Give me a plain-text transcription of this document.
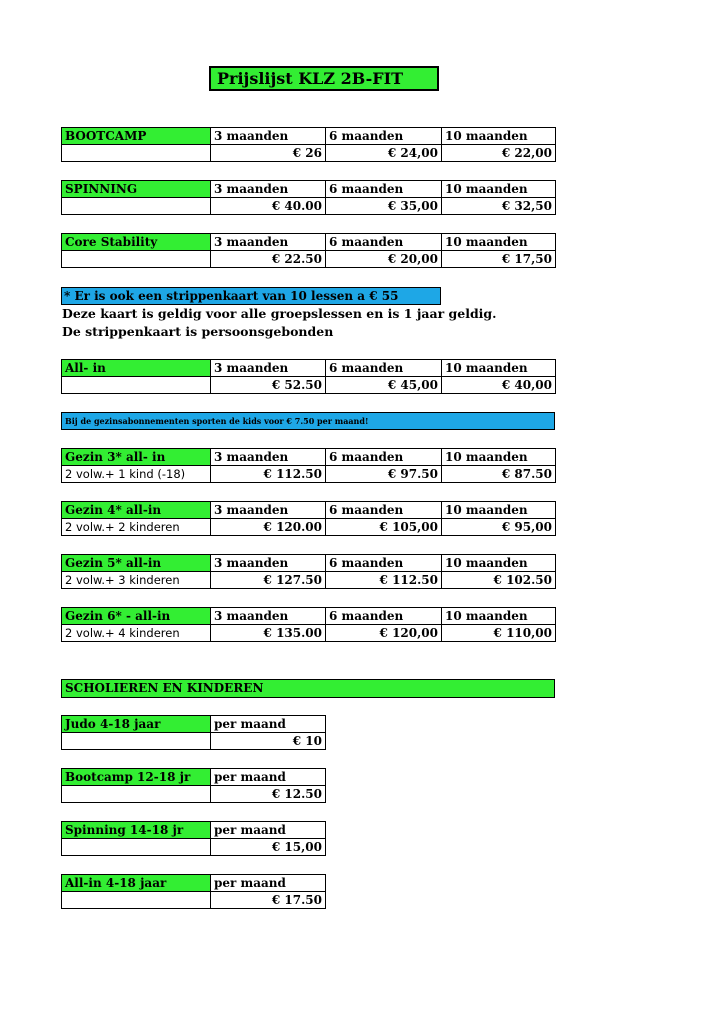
Prijslijst KLZ 2B-FIT
BOOTCAMP	3 maanden	6 maanden	10 maanden
	€ 26	€ 24,00	€ 22,00
SPINNING	3 maanden	6 maanden	10 maanden
	€ 40.00	€ 35,00	€ 32,50
Core Stability	3 maanden	6 maanden	10 maanden
	€ 22.50	€ 20,00	€ 17,50
* Er is ook een strippenkaart van 10 lessen a € 55
Deze kaart is geldig voor alle groepslessen en is 1 jaar geldig.
De strippenkaart is persoonsgebonden
All- in	3 maanden	6 maanden	10 maanden
	€ 52.50	€ 45,00	€ 40,00
Bij de gezinsabonnementen sporten de kids voor € 7.50 per maand!
Gezin 3* all- in	3 maanden	6 maanden	10 maanden
2 volw.+ 1 kind (-18)	€ 112.50	€ 97.50	€ 87.50
Gezin 4* all-in	3 maanden	6 maanden	10 maanden
2 volw.+ 2 kinderen	€ 120.00	€ 105,00	€ 95,00
Gezin 5* all-in	3 maanden	6 maanden	10 maanden
2 volw.+ 3 kinderen	€ 127.50	€ 112.50	€ 102.50
Gezin 6* - all-in	3 maanden	6 maanden	10 maanden
2 volw.+ 4 kinderen	€ 135.00	€ 120,00	€ 110,00
SCHOLIEREN EN KINDEREN
Judo 4-18 jaar	per maand
	€ 10
Bootcamp 12-18 jr	per maand
	€ 12.50
Spinning 14-18 jr	per maand
	€ 15,00
All-in 4-18 jaar	per maand
	€ 17.50
